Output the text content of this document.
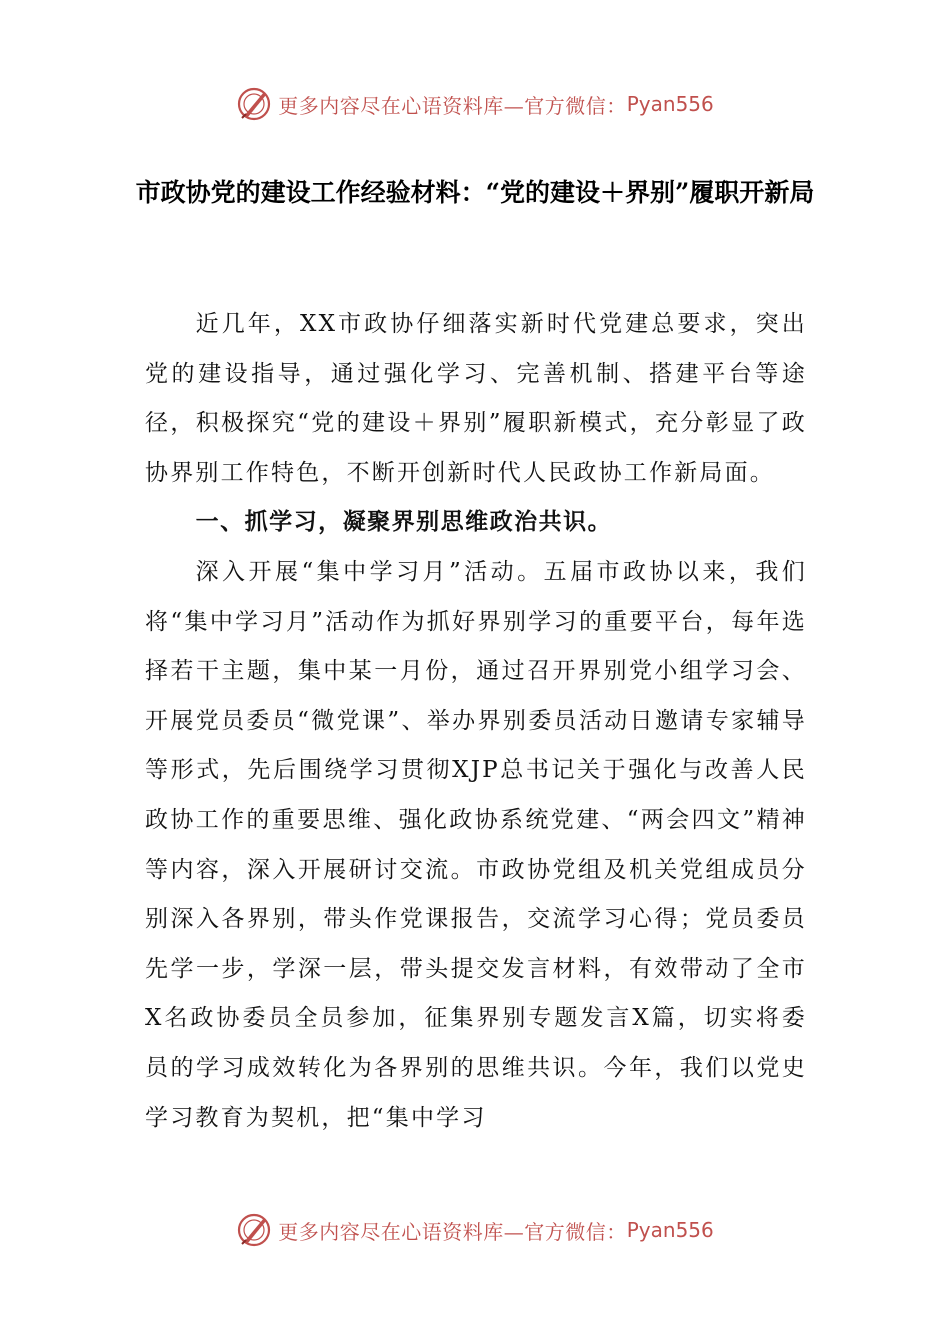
更多内容尽在心语资料库—官方微信： Pyan556
市政协党的建设工作经验材料：“党的建设＋界别”履职开新局

近几年，XX市政协仔细落实新时代党建总要求，突出党的建设指导，通过强化学习、完善机制、搭建平台等途径，积极探究“党的建设＋界别”履职新模式，充分彰显了政协界别工作特色，不断开创新时代人民政协工作新局面。

一、抓学习，凝聚界别思维政治共识。

深入开展“集中学习月”活动。五届市政协以来，我们将“集中学习月”活动作为抓好界别学习的重要平台，每年选择若干主题，集中某一月份，通过召开界别党小组学习会、开展党员委员“微党课”、举办界别委员活动日邀请专家辅导等形式，先后围绕学习贯彻XJP总书记关于强化与改善人民政协工作的重要思维、强化政协系统党建、“两会四文”精神等内容，深入开展研讨交流。市政协党组及机关党组成员分别深入各界别，带头作党课报告，交流学习心得；党员委员先学一步，学深一层，带头提交发言材料，有效带动了全市X名政协委员全员参加，征集界别专题发言X篇，切实将委员的学习成效转化为各界别的思维共识。今年，我们以党史学习教育为契机，把“集中学习

更多内容尽在心语资料库—官方微信： Pyan556
